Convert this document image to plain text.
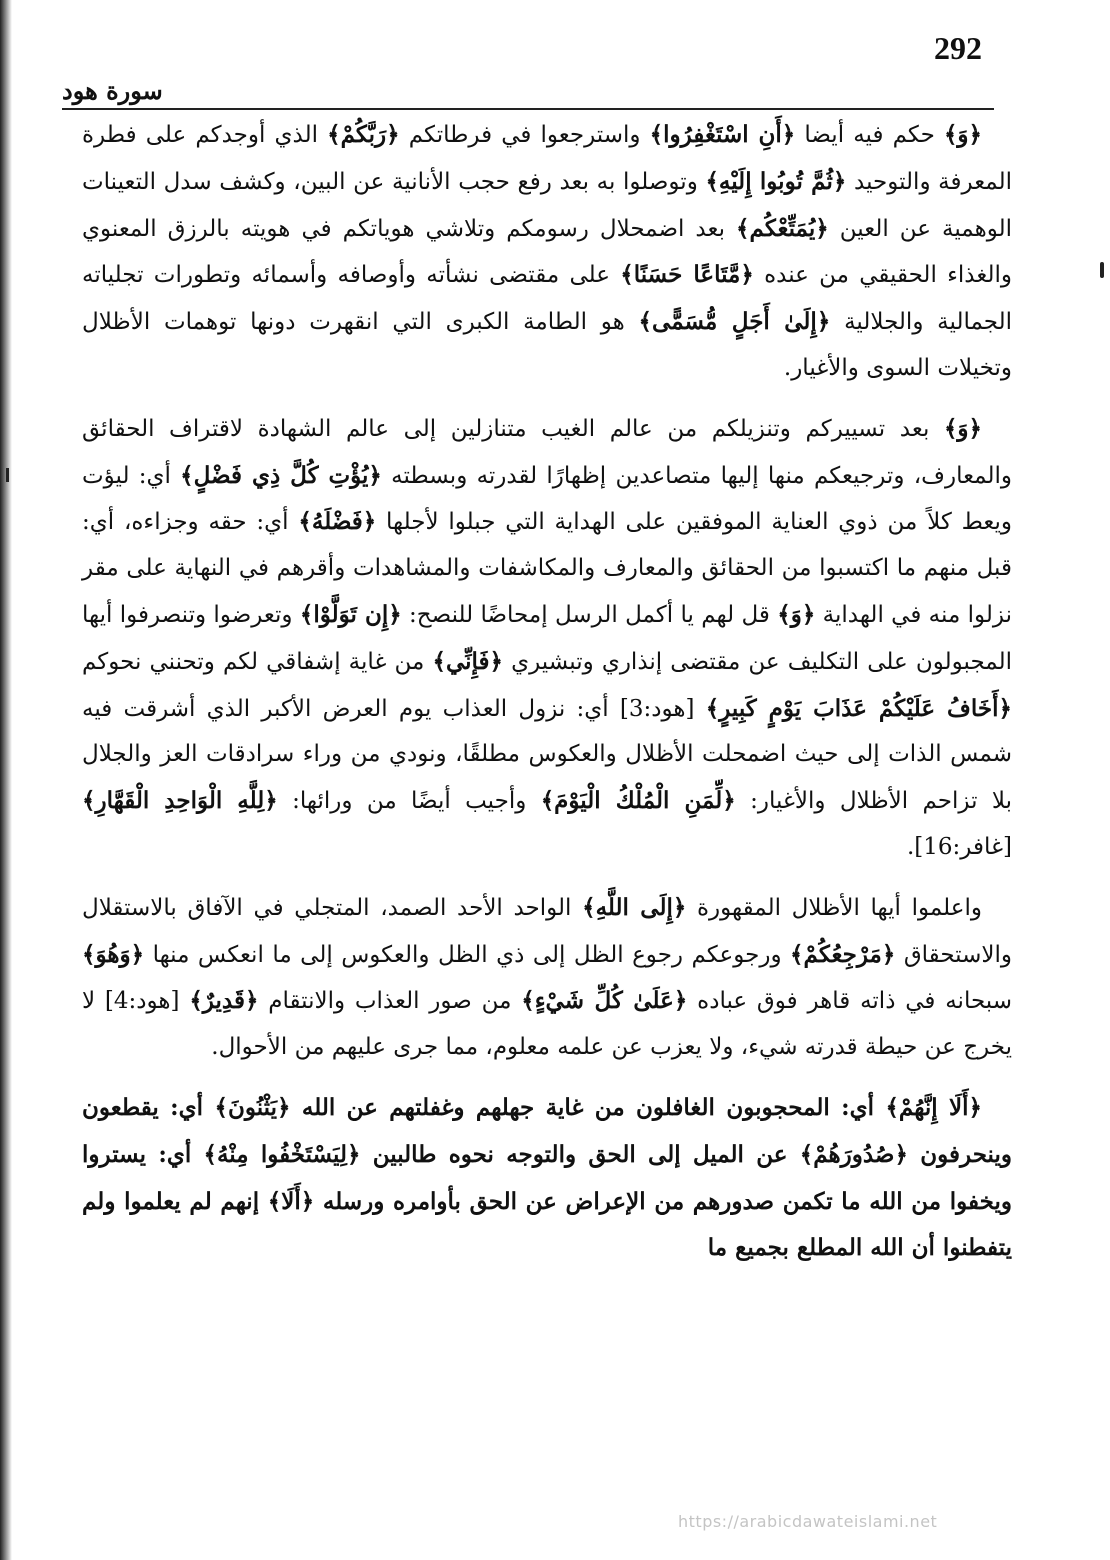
292
سورة هود

﴿وَ﴾ حكم فيه أيضا ﴿أَنِ اسْتَغْفِرُوا﴾ واسترجعوا في فرطاتكم ﴿رَبَّكُمْ﴾ الذي أوجدكم على فطرة المعرفة والتوحيد ﴿ثُمَّ تُوبُوا إِلَيْهِ﴾ وتوصلوا به بعد رفع حجب الأنانية عن البين، وكشف سدل التعينات الوهمية عن العين ﴿يُمَتِّعْكُم﴾ بعد اضمحلال رسومكم وتلاشي هوياتكم في هويته بالرزق المعنوي والغذاء الحقيقي من عنده ﴿مَّتَاعًا حَسَنًا﴾ على مقتضى نشأته وأوصافه وأسمائه وتطورات تجلياته الجمالية والجلالية ﴿إِلَىٰ أَجَلٍ مُّسَمًّى﴾ هو الطامة الكبرى التي انقهرت دونها توهمات الأظلال وتخيلات السوى والأغيار.

﴿وَ﴾ بعد تسييركم وتنزيلكم من عالم الغيب متنازلين إلى عالم الشهادة لاقتراف الحقائق والمعارف، وترجيعكم منها إليها متصاعدين إظهارًا لقدرته وبسطته ﴿يُؤْتِ كُلَّ ذِي فَضْلٍ﴾ أي: ليؤت ويعط كلاً من ذوي العناية الموفقين على الهداية التي جبلوا لأجلها ﴿فَضْلَهُ﴾ أي: حقه وجزاءه، أي: قبل منهم ما اكتسبوا من الحقائق والمعارف والمكاشفات والمشاهدات وأقرهم في النهاية على مقر نزلوا منه في الهداية ﴿وَ﴾ قل لهم يا أكمل الرسل إمحاضًا للنصح: ﴿إِن تَوَلَّوْا﴾ وتعرضوا وتنصرفوا أيها المجبولون على التكليف عن مقتضى إنذاري وتبشيري ﴿فَإِنِّي﴾ من غاية إشفاقي لكم وتحنني نحوكم ﴿أَخَافُ عَلَيْكُمْ عَذَابَ يَوْمٍ كَبِيرٍ﴾ [هود:3] أي: نزول العذاب يوم العرض الأكبر الذي أشرقت فيه شمس الذات إلى حيث اضمحلت الأظلال والعكوس مطلقًا، ونودي من وراء سرادقات العز والجلال بلا تزاحم الأظلال والأغيار: ﴿لِّمَنِ الْمُلْكُ الْيَوْمَ﴾ وأجيب أيضًا من ورائها: ﴿لِلَّهِ الْوَاحِدِ الْقَهَّارِ﴾ [غافر:16].

واعلموا أيها الأظلال المقهورة ﴿إِلَى اللَّهِ﴾ الواحد الأحد الصمد، المتجلي في الآفاق بالاستقلال والاستحقاق ﴿مَرْجِعُكُمْ﴾ ورجوعكم رجوع الظل إلى ذي الظل والعكوس إلى ما انعكس منها ﴿وَهُوَ﴾ سبحانه في ذاته قاهر فوق عباده ﴿عَلَىٰ كُلِّ شَيْءٍ﴾ من صور العذاب والانتقام ﴿قَدِيرٌ﴾ [هود:4] لا يخرج عن حيطة قدرته شيء، ولا يعزب عن علمه معلوم، مما جرى عليهم من الأحوال.

﴿أَلَا إِنَّهُمْ﴾ أي: المحجوبون الغافلون من غاية جهلهم وغفلتهم عن الله ﴿يَثْنُونَ﴾ أي: يقطعون وينحرفون ﴿صُدُورَهُمْ﴾ عن الميل إلى الحق والتوجه نحوه طالبين ﴿لِيَسْتَخْفُوا مِنْهُ﴾ أي: يستروا ويخفوا من الله ما تكمن صدورهم من الإعراض عن الحق بأوامره ورسله ﴿أَلَا﴾ إنهم لم يعلموا ولم يتفطنوا أن الله المطلع بجميع ما

https://arabicdawateislami.net
